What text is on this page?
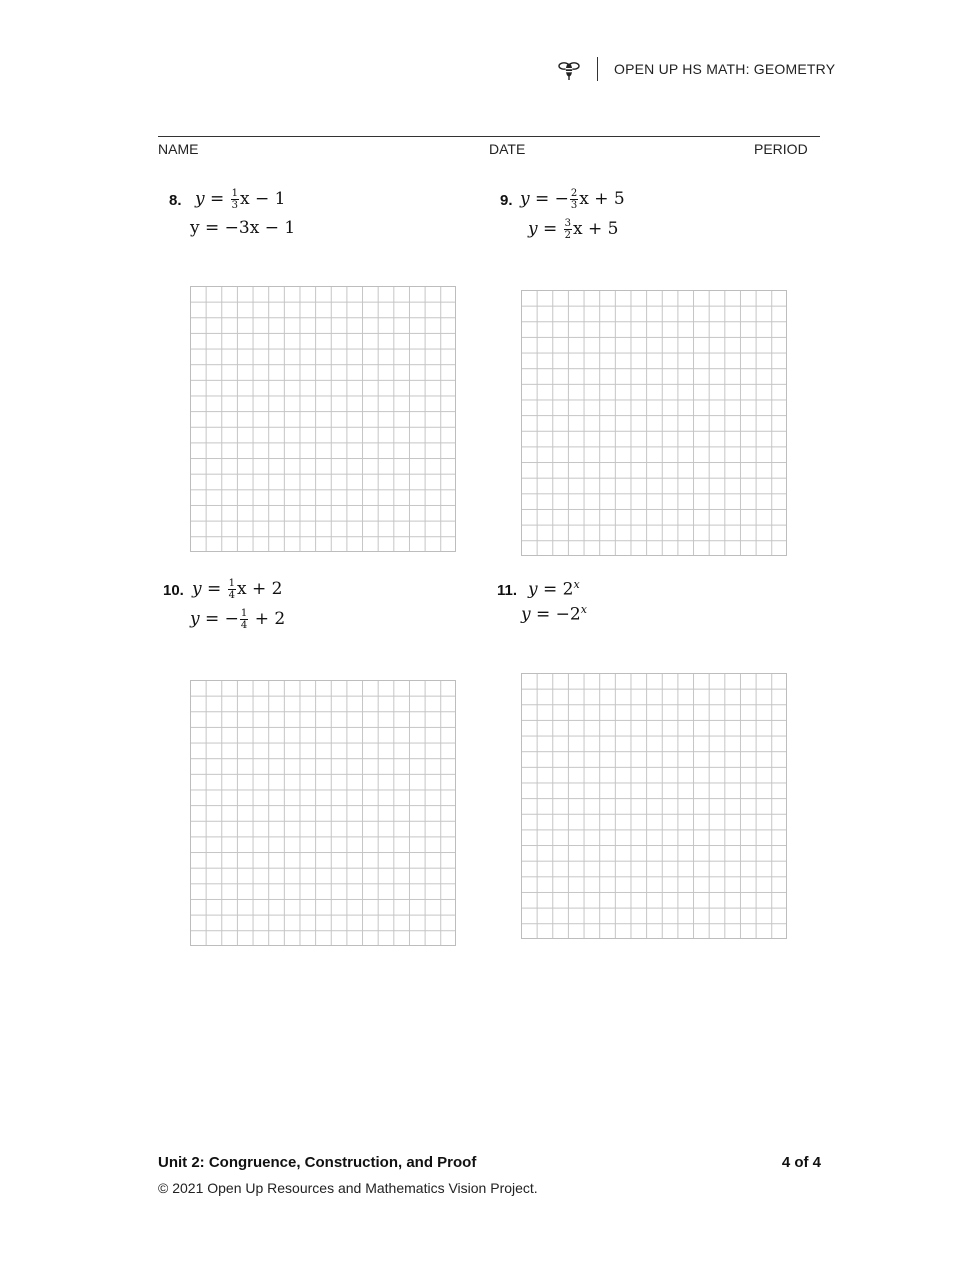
OPEN UP HS MATH: GEOMETRY
NAME	DATE	PERIOD
8. $y = \frac{1}{3}$ x − 1
y = −3x − 1
9. y = − $\frac{2}{3}$ x + 5
$y = \frac{3}{2}$ x + 5
10. $y = \frac{1}{4}$ x + 2
y = − $\frac{1}{4} + 2$
11. $y = 2^x$
$y = -2^x$
Unit 2: Congruence, Construction, and Proof	4 of 4
© 2021 Open Up Resources and Mathematics Vision Project.
